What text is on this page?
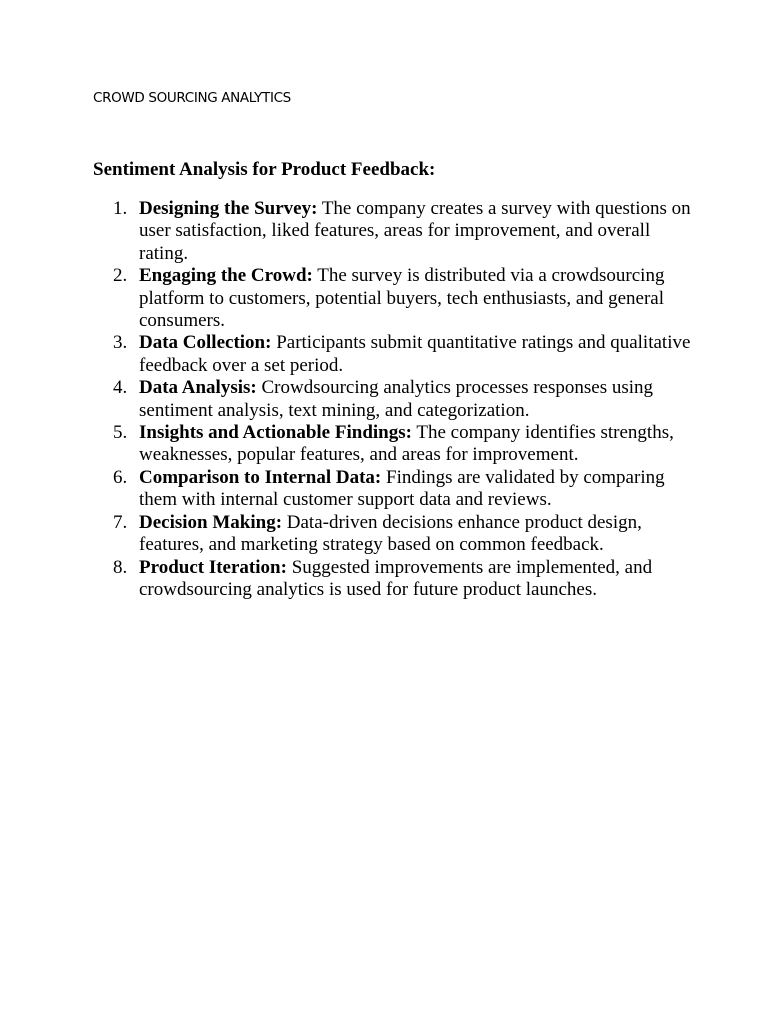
CROWD SOURCING ANALYTICS
Sentiment Analysis for Product Feedback:
1. Designing the Survey: The company creates a survey with questions on user satisfaction, liked features, areas for improvement, and overall rating.
2. Engaging the Crowd: The survey is distributed via a crowdsourcing platform to customers, potential buyers, tech enthusiasts, and general consumers.
3. Data Collection: Participants submit quantitative ratings and qualitative feedback over a set period.
4. Data Analysis: Crowdsourcing analytics processes responses using sentiment analysis, text mining, and categorization.
5. Insights and Actionable Findings: The company identifies strengths, weaknesses, popular features, and areas for improvement.
6. Comparison to Internal Data: Findings are validated by comparing them with internal customer support data and reviews.
7. Decision Making: Data-driven decisions enhance product design, features, and marketing strategy based on common feedback.
8. Product Iteration: Suggested improvements are implemented, and crowdsourcing analytics is used for future product launches.
